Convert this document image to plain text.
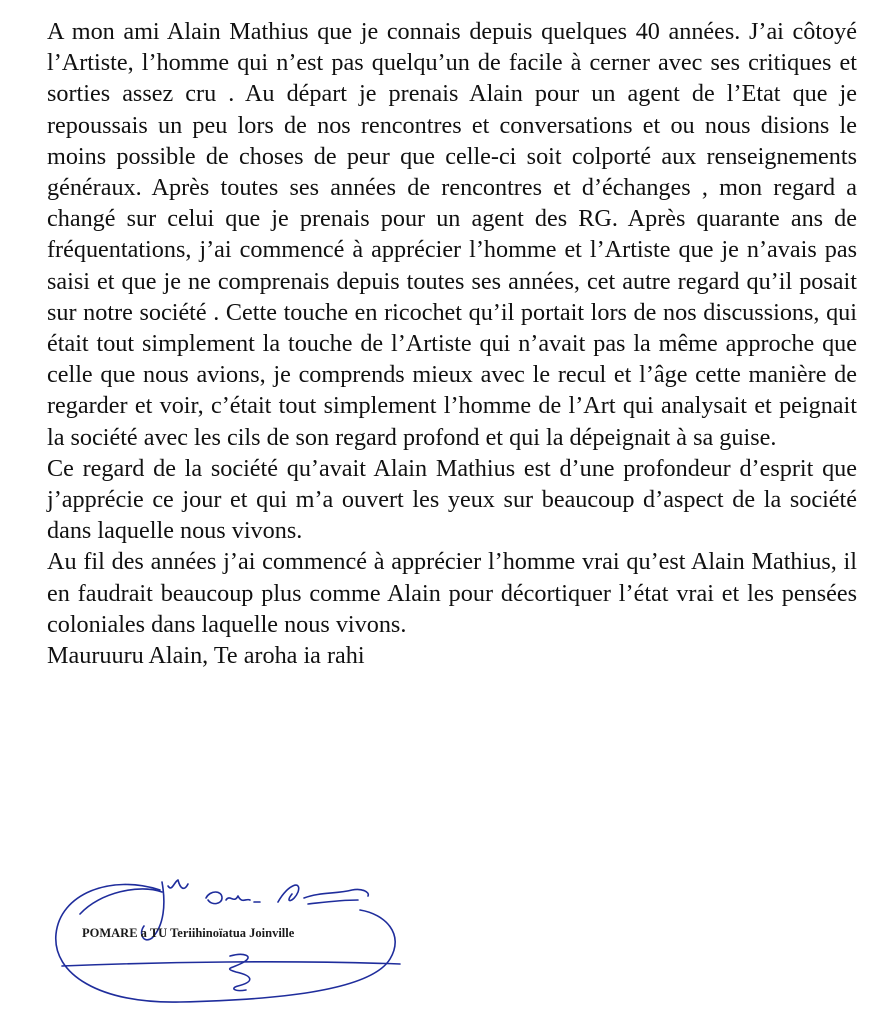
A mon ami Alain Mathius que je connais depuis quelques 40 années. J’ai côtoyé l’Artiste, l’homme qui n’est pas quelqu’un de facile à cerner avec ses critiques et sorties assez cru . Au départ je prenais Alain pour un agent de l’Etat que je repoussais un peu lors de nos rencontres et conversations et ou nous disions le moins possible de choses de peur que celle-ci soit colporté aux renseignements généraux. Après toutes ses années de rencontres et d’échanges , mon regard a changé sur celui que je prenais pour un agent des RG. Après quarante ans de fréquentations, j’ai commencé à apprécier l’homme et l’Artiste que je n’avais pas saisi et que je ne comprenais depuis toutes ses années, cet autre regard qu’il posait sur notre société . Cette touche en ricochet qu’il portait lors de nos discussions, qui était tout simplement la touche de l’Artiste qui n’avait pas la même approche que celle que nous avions, je comprends mieux avec le recul et l’âge cette manière de regarder et voir, c’était tout simplement l’homme de l’Art qui analysait et peignait la société avec les cils de son regard profond et qui la dépeignait à sa guise.

Ce regard de la société qu’avait Alain Mathius est d’une profondeur d’esprit que j’apprécie ce jour et qui m’a ouvert les yeux sur beaucoup d’aspect de la société dans laquelle nous vivons.

Au fil des années j’ai commencé à apprécier l’homme vrai qu’est Alain Mathius, il en faudrait beaucoup plus comme Alain pour décortiquer l’état vrai et les pensées coloniales dans laquelle nous vivons.

Mauruuru Alain, Te aroha ia rahi

POMARE a TU Teriihinoïatua Joinville
